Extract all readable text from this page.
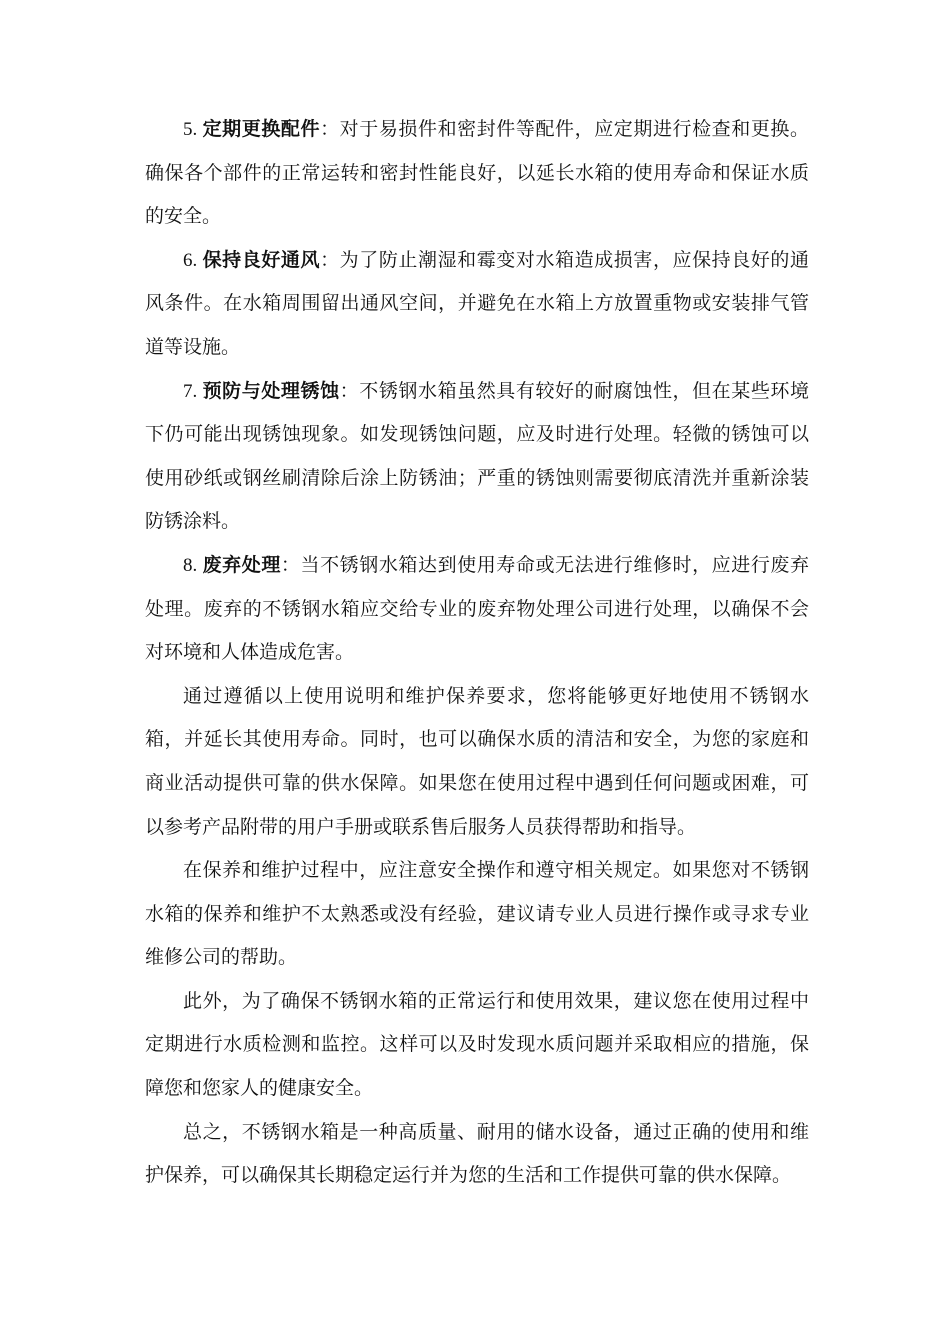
5. 定期更换配件：对于易损件和密封件等配件，应定期进行检查和更换。确保各个部件的正常运转和密封性能良好，以延长水箱的使用寿命和保证水质的安全。

6. 保持良好通风：为了防止潮湿和霉变对水箱造成损害，应保持良好的通风条件。在水箱周围留出通风空间，并避免在水箱上方放置重物或安装排气管道等设施。

7. 预防与处理锈蚀：不锈钢水箱虽然具有较好的耐腐蚀性，但在某些环境下仍可能出现锈蚀现象。如发现锈蚀问题，应及时进行处理。轻微的锈蚀可以使用砂纸或钢丝刷清除后涂上防锈油；严重的锈蚀则需要彻底清洗并重新涂装防锈涂料。

8. 废弃处理：当不锈钢水箱达到使用寿命或无法进行维修时，应进行废弃处理。废弃的不锈钢水箱应交给专业的废弃物处理公司进行处理，以确保不会对环境和人体造成危害。

通过遵循以上使用说明和维护保养要求，您将能够更好地使用不锈钢水箱，并延长其使用寿命。同时，也可以确保水质的清洁和安全，为您的家庭和商业活动提供可靠的供水保障。如果您在使用过程中遇到任何问题或困难，可以参考产品附带的用户手册或联系售后服务人员获得帮助和指导。

在保养和维护过程中，应注意安全操作和遵守相关规定。如果您对不锈钢水箱的保养和维护不太熟悉或没有经验，建议请专业人员进行操作或寻求专业维修公司的帮助。

此外，为了确保不锈钢水箱的正常运行和使用效果，建议您在使用过程中定期进行水质检测和监控。这样可以及时发现水质问题并采取相应的措施，保障您和您家人的健康安全。

总之，不锈钢水箱是一种高质量、耐用的储水设备，通过正确的使用和维护保养，可以确保其长期稳定运行并为您的生活和工作提供可靠的供水保障。
